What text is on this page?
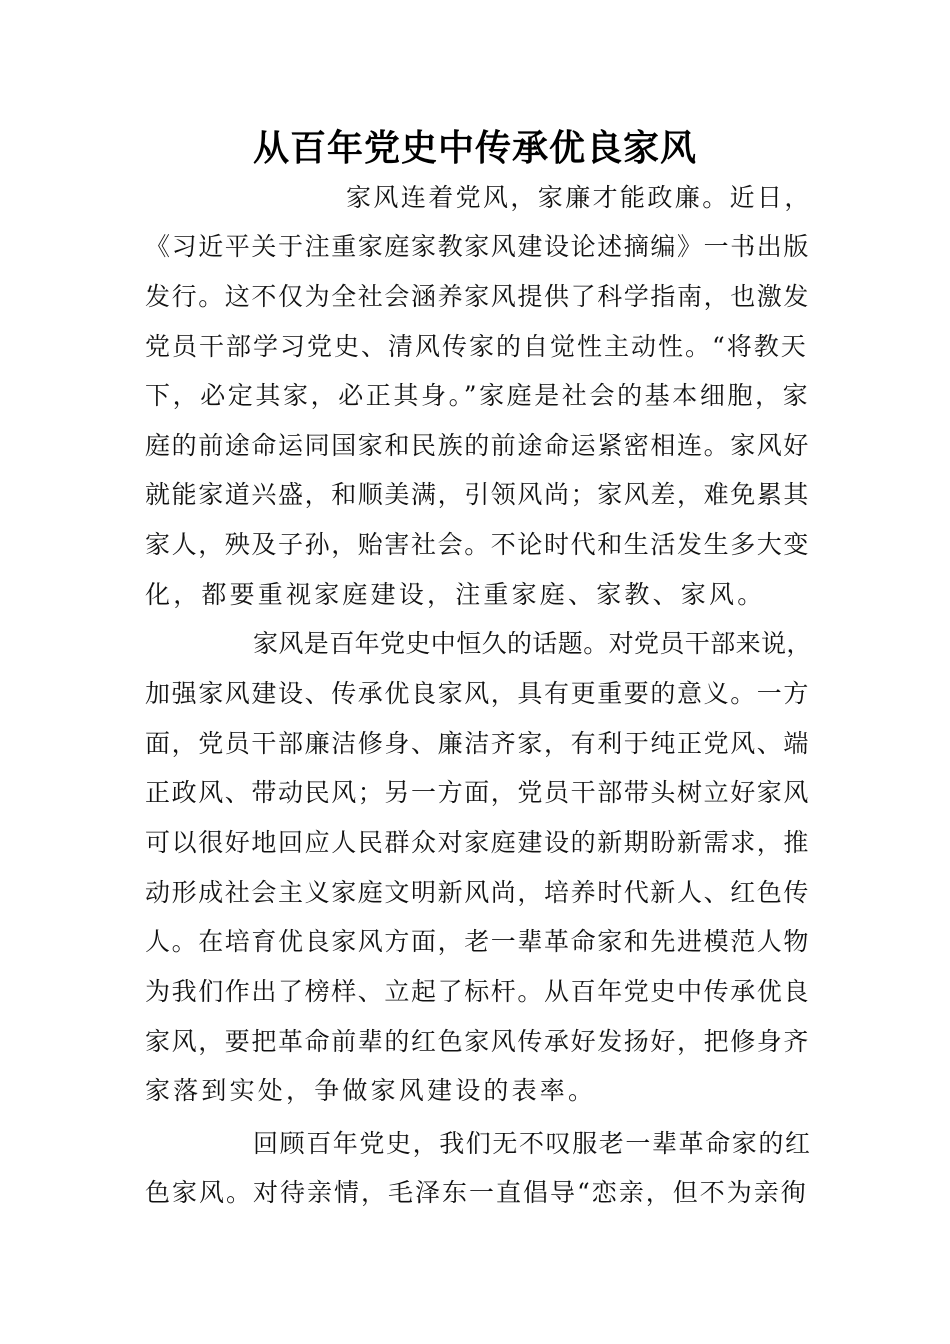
从百年党史中传承优良家风
家风连着党风，家廉才能政廉。近日，
《习近平关于注重家庭家教家风建设论述摘编》一书出版
发行。这不仅为全社会涵养家风提供了科学指南，也激发
党员干部学习党史、清风传家的自觉性主动性。“将教天
下，必定其家，必正其身。”家庭是社会的基本细胞，家
庭的前途命运同国家和民族的前途命运紧密相连。家风好
就能家道兴盛，和顺美满，引领风尚；家风差，难免累其
家人，殃及子孙，贻害社会。不论时代和生活发生多大变
化，都要重视家庭建设，注重家庭、家教、家风。
家风是百年党史中恒久的话题。对党员干部来说，
加强家风建设、传承优良家风，具有更重要的意义。一方
面，党员干部廉洁修身、廉洁齐家，有利于纯正党风、端
正政风、带动民风；另一方面，党员干部带头树立好家风
可以很好地回应人民群众对家庭建设的新期盼新需求，推
动形成社会主义家庭文明新风尚，培养时代新人、红色传
人。在培育优良家风方面，老一辈革命家和先进模范人物
为我们作出了榜样、立起了标杆。从百年党史中传承优良
家风，要把革命前辈的红色家风传承好发扬好，把修身齐
家落到实处，争做家风建设的表率。
回顾百年党史，我们无不叹服老一辈革命家的红
色家风。对待亲情，毛泽东一直倡导“恋亲，但不为亲徇
